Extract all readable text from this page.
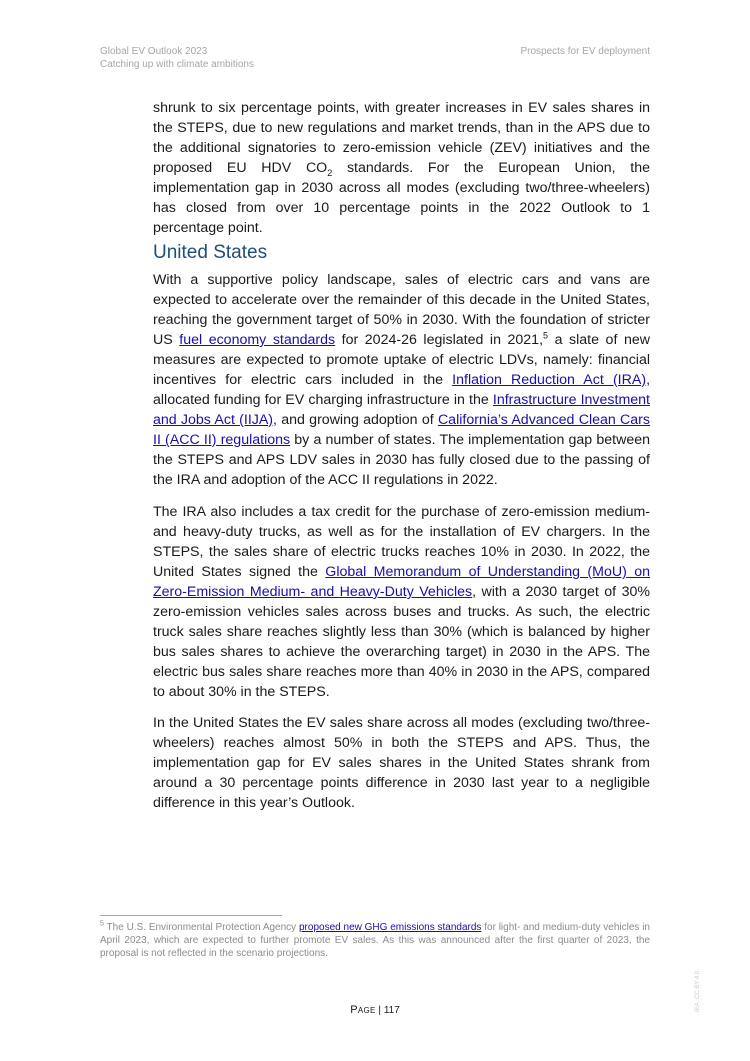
Global EV Outlook 2023
Catching up with climate ambitions
Prospects for EV deployment

shrunk to six percentage points, with greater increases in EV sales shares in the STEPS, due to new regulations and market trends, than in the APS due to the additional signatories to zero-emission vehicle (ZEV) initiatives and the proposed EU HDV $CO_2$ standards. For the European Union, the implementation gap in 2030 across all modes (excluding two/three-wheelers) has closed from over 10 percentage points in the 2022 Outlook to 1 percentage point.

United States

With a supportive policy landscape, sales of electric cars and vans are expected to accelerate over the remainder of this decade in the United States, reaching the government target of 50% in 2030. With the foundation of stricter US fuel economy standards for 2024-26 legislated in 2021,$^5$ a slate of new measures are expected to promote uptake of electric LDVs, namely: financial incentives for electric cars included in the Inflation Reduction Act (IRA), allocated funding for EV charging infrastructure in the Infrastructure Investment and Jobs Act (IIJA), and growing adoption of California’s Advanced Clean Cars II (ACC II) regulations by a number of states. The implementation gap between the STEPS and APS LDV sales in 2030 has fully closed due to the passing of the IRA and adoption of the ACC II regulations in 2022.

The IRA also includes a tax credit for the purchase of zero-emission medium- and heavy-duty trucks, as well as for the installation of EV chargers. In the STEPS, the sales share of electric trucks reaches 10% in 2030. In 2022, the United States signed the Global Memorandum of Understanding (MoU) on Zero-Emission Medium- and Heavy-Duty Vehicles, with a 2030 target of 30% zero-emission vehicles sales across buses and trucks. As such, the electric truck sales share reaches slightly less than 30% (which is balanced by higher bus sales shares to achieve the overarching target) in 2030 in the APS. The electric bus sales share reaches more than 40% in 2030 in the APS, compared to about 30% in the STEPS.

In the United States the EV sales share across all modes (excluding two/three-wheelers) reaches almost 50% in both the STEPS and APS. Thus, the implementation gap for EV sales shares in the United States shrank from around a 30 percentage points difference in 2030 last year to a negligible difference in this year’s Outlook.

$^5$ The U.S. Environmental Protection Agency proposed new GHG emissions standards for light- and medium-duty vehicles in April 2023, which are expected to further promote EV sales. As this was announced after the first quarter of 2023, the proposal is not reflected in the scenario projections.

Page | 117	IEA. CC BY 4.0.
